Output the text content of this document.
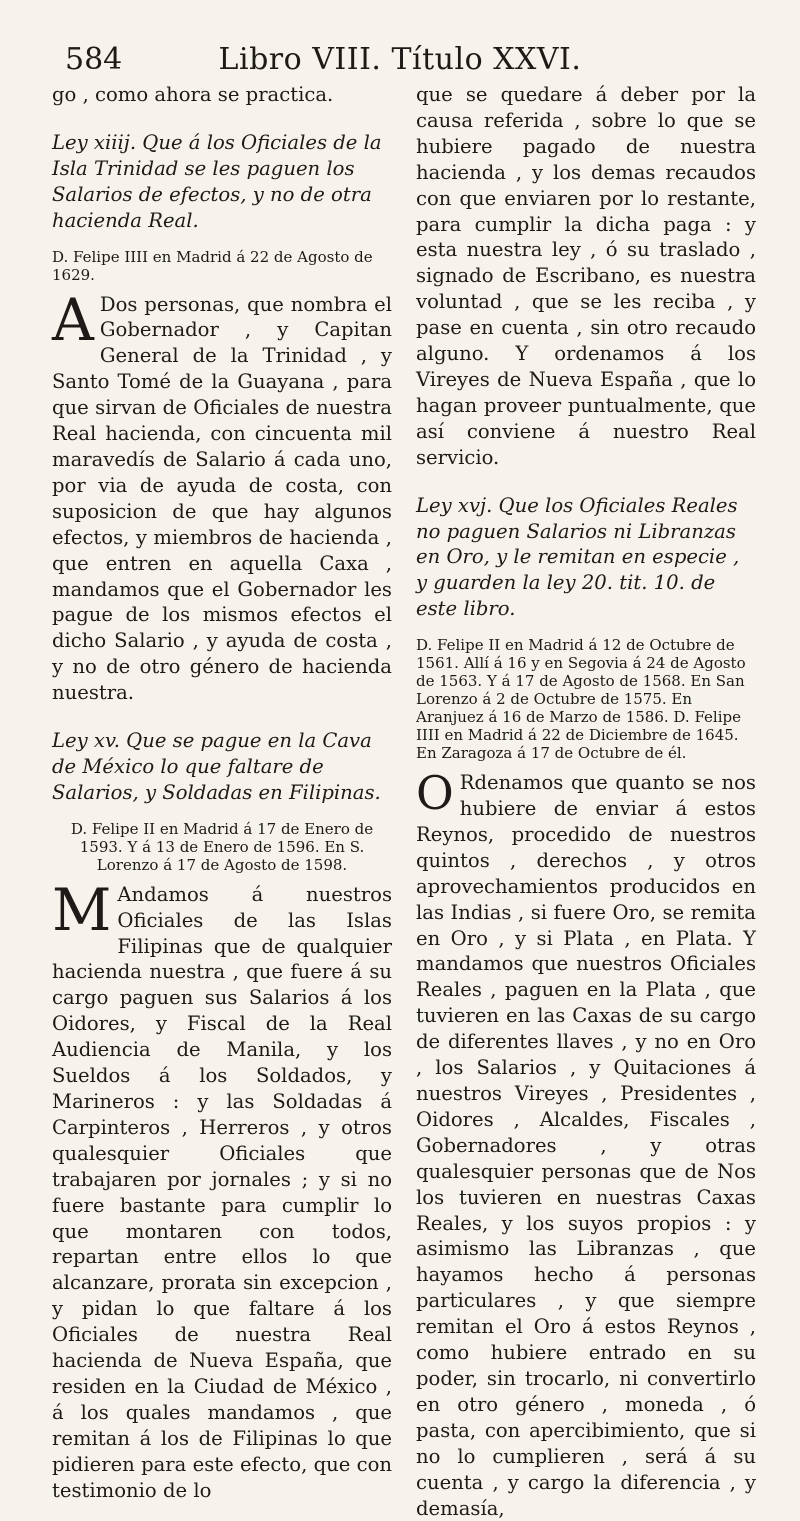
584	Libro VIII. Título XXVI.

go , como ahora se practica.

Ley xiiij. Que á los Oficiales de la Isla Trinidad se les paguen los Salarios de efectos, y no de otra hacienda Real.
D. Felipe IIII en Madrid á 22 de Agosto de 1629.

A Dos personas, que nombra el Gobernador , y Capitan General de la Trinidad , y Santo Tomé de la Guayana , para que sirvan de Oficiales de nuestra Real hacienda, con cincuenta mil maravedís de Salario á cada uno, por via de ayuda de costa, con suposicion de que hay algunos efectos, y miembros de hacienda , que entren en aquella Caxa , mandamos que el Gobernador les pague de los mismos efectos el dicho Salario , y ayuda de costa , y no de otro género de hacienda nuestra.

Ley xv. Que se pague en la Cava de México lo que faltare de Salarios, y Soldadas en Filipinas.
D. Felipe II en Madrid á 17 de Enero de 1593. Y á 13 de Enero de 1596. En S. Lorenzo á 17 de Agosto de 1598.

M Andamos á nuestros Oficiales de las Islas Filipinas que de qualquier hacienda nuestra , que fuere á su cargo paguen sus Salarios á los Oidores, y Fiscal de la Real Audiencia de Manila, y los Sueldos á los Soldados, y Marineros : y las Soldadas á Carpinteros , Herreros , y otros qualesquier Oficiales que trabajaren por jornales ; y si no fuere bastante para cumplir lo que montaren con todos, repartan entre ellos lo que alcanzare, prorata sin excepcion , y pidan lo que faltare á los Oficiales de nuestra Real hacienda de Nueva España, que residen en la Ciudad de México , á los quales mandamos , que remitan á los de Filipinas lo que pidieren para este efecto, que con testimonio de lo

que se quedare á deber por la causa referida , sobre lo que se hubiere pagado de nuestra hacienda , y los demas recaudos con que enviaren por lo restante, para cumplir la dicha paga : y esta nuestra ley , ó su traslado , signado de Escribano, es nuestra voluntad , que se les reciba , y pase en cuenta , sin otro recaudo alguno. Y ordenamos á los Vireyes de Nueva España , que lo hagan proveer puntualmente, que así conviene á nuestro Real servicio.

Ley xvj. Que los Oficiales Reales no paguen Salarios ni Libranzas en Oro, y le remitan en especie , y guarden la ley 20. tit. 10. de este libro.
D. Felipe II en Madrid á 12 de Octubre de 1561. Allí á 16 y en Segovia á 24 de Agosto de 1563. Y á 17 de Agosto de 1568. En San Lorenzo á 2 de Octubre de 1575. En Aranjuez á 16 de Marzo de 1586. D. Felipe IIII en Madrid á 22 de Diciembre de 1645. En Zaragoza á 17 de Octubre de él.

O Rdenamos que quanto se nos hubiere de enviar á estos Reynos, procedido de nuestros quintos , derechos , y otros aprovechamientos producidos en las Indias , si fuere Oro, se remita en Oro , y si Plata , en Plata. Y mandamos que nuestros Oficiales Reales , paguen en la Plata , que tuvieren en las Caxas de su cargo de diferentes llaves , y no en Oro , los Salarios , y Quitaciones á nuestros Vireyes , Presidentes , Oidores , Alcaldes, Fiscales , Gobernadores , y otras qualesquier personas que de Nos los tuvieren en nuestras Caxas Reales, y los suyos propios : y asimismo las Libranzas , que hayamos hecho á personas particulares , y que siempre remitan el Oro á estos Reynos , como hubiere entrado en su poder, sin trocarlo, ni convertirlo en otro género , moneda , ó pasta, con apercibimiento, que si no lo cumplieren , será á su cuenta , y cargo la diferencia , y demasía,
